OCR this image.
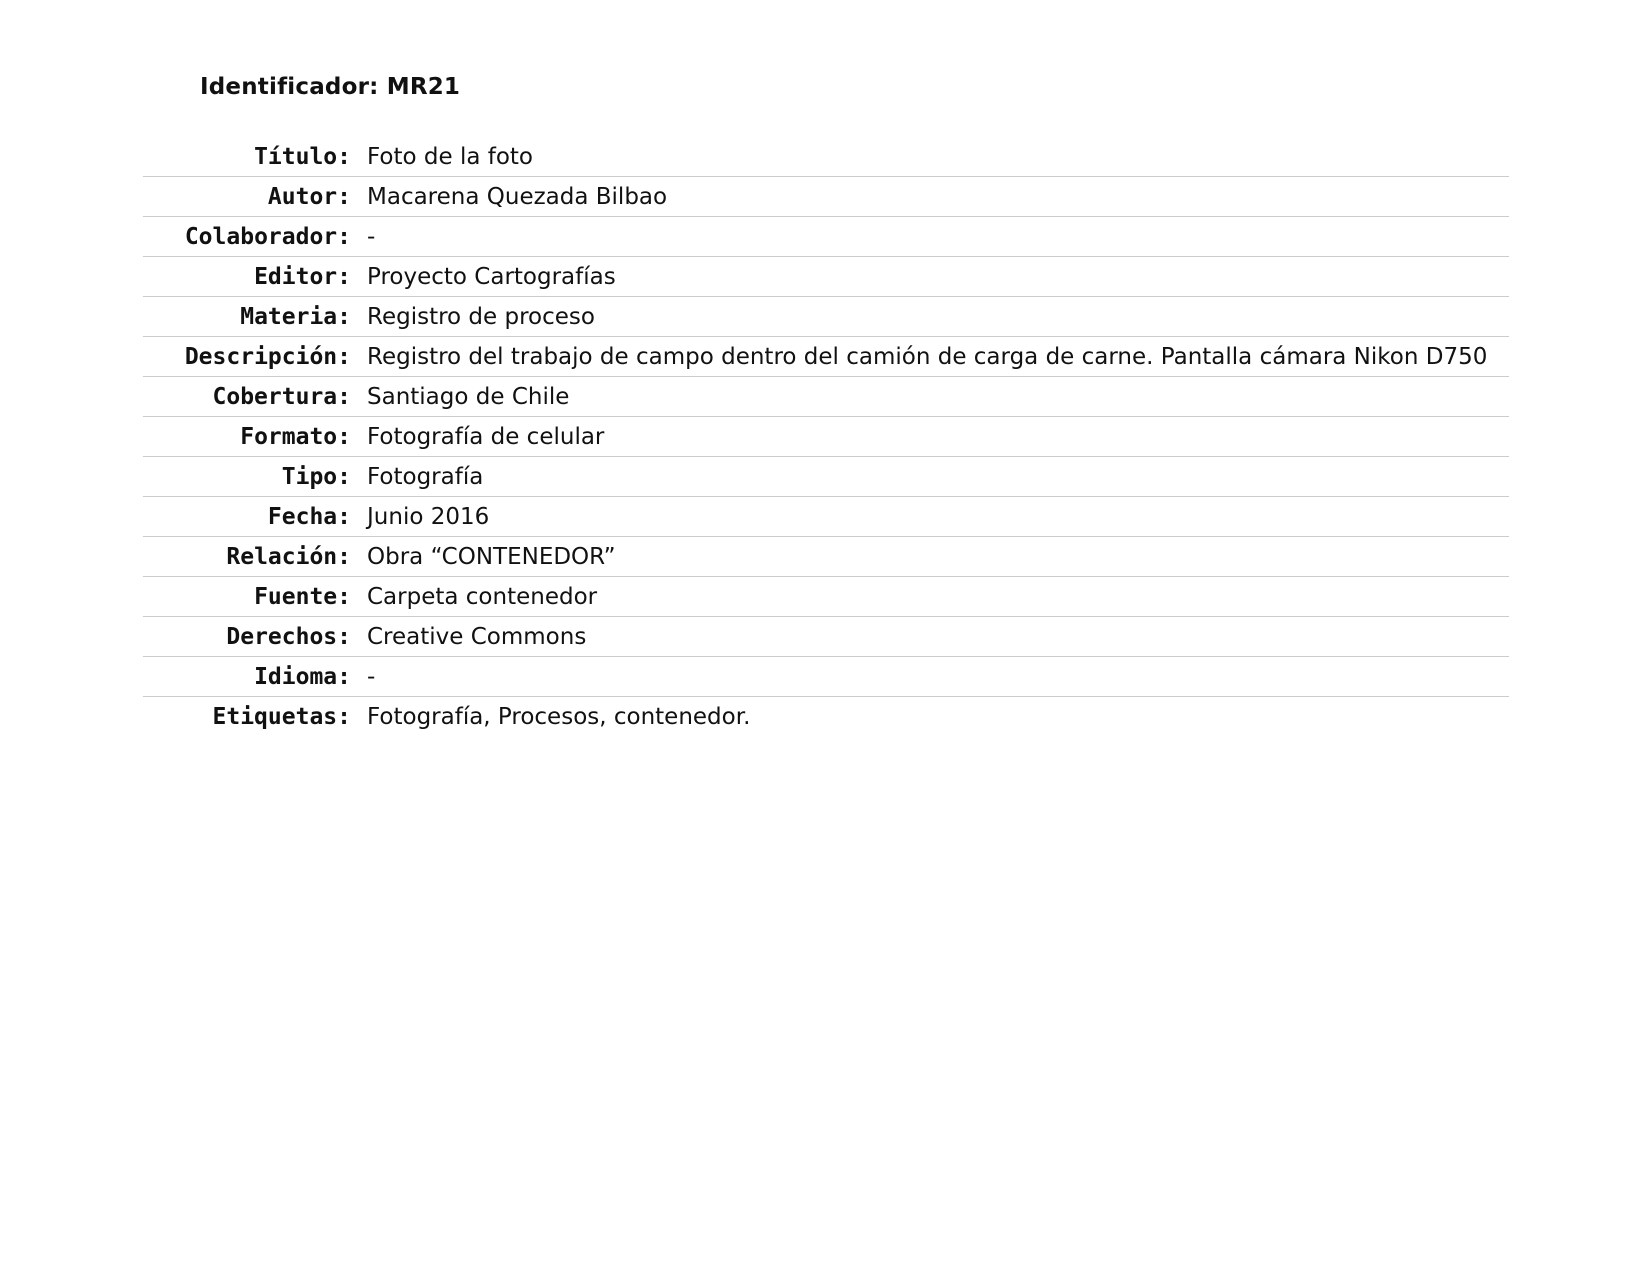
Identificador: MR21
Título: Foto de la foto
Autor: Macarena Quezada Bilbao
Colaborador: -
Editor: Proyecto Cartografías
Materia: Registro de proceso
Descripción: Registro del trabajo de campo dentro del camión de carga de carne. Pantalla cámara Nikon D750
Cobertura: Santiago de Chile
Formato: Fotografía de celular
Tipo: Fotografía
Fecha: Junio 2016
Relación: Obra “CONTENEDOR”
Fuente: Carpeta contenedor
Derechos: Creative Commons
Idioma: -
Etiquetas: Fotografía, Procesos, contenedor.
